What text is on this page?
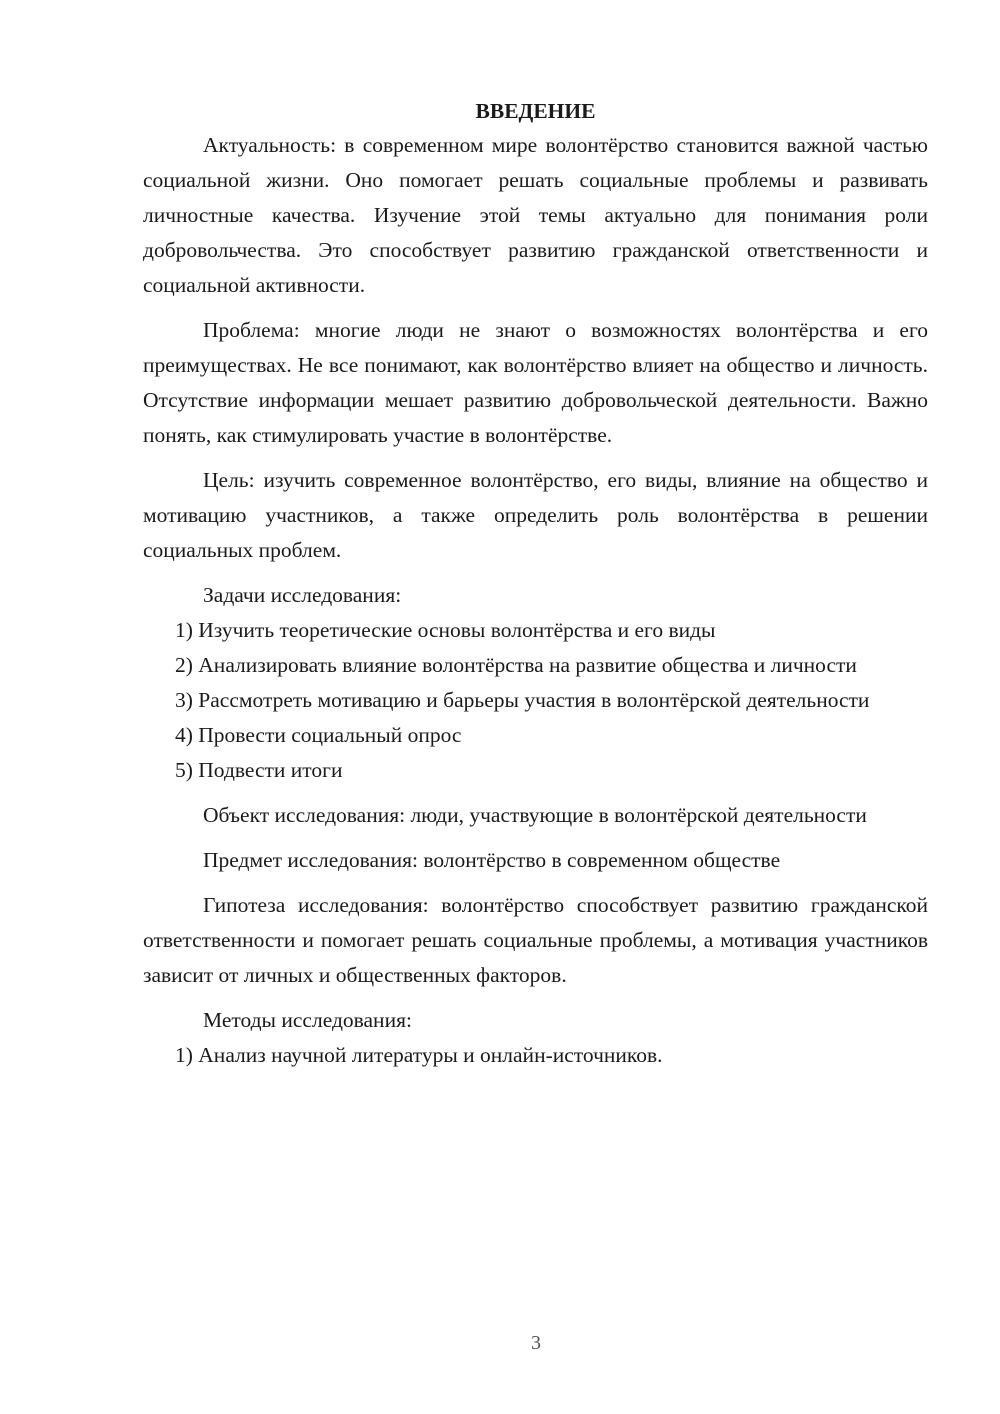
ВВЕДЕНИЕ

Актуальность: в современном мире волонтёрство становится важной частью социальной жизни. Оно помогает решать социальные проблемы и развивать личностные качества. Изучение этой темы актуально для понимания роли добровольчества. Это способствует развитию гражданской ответственности и социальной активности.

Проблема: многие люди не знают о возможностях волонтёрства и его преимуществах. Не все понимают, как волонтёрство влияет на общество и личность. Отсутствие информации мешает развитию добровольческой деятельности. Важно понять, как стимулировать участие в волонтёрстве.

Цель: изучить современное волонтёрство, его виды, влияние на общество и мотивацию участников, а также определить роль волонтёрства в решении социальных проблем.

Задачи исследования:

1) Изучить теоретические основы волонтёрства и его виды

2) Анализировать влияние волонтёрства на развитие общества и личности

3) Рассмотреть мотивацию и барьеры участия в волонтёрской деятельности

4) Провести социальный опрос

5) Подвести итоги

Объект исследования: люди, участвующие в волонтёрской деятельности

Предмет исследования: волонтёрство в современном обществе

Гипотеза исследования: волонтёрство способствует развитию гражданской ответственности и помогает решать социальные проблемы, а мотивация участников зависит от личных и общественных факторов.

Методы исследования:

1) Анализ научной литературы и онлайн-источников.

3
